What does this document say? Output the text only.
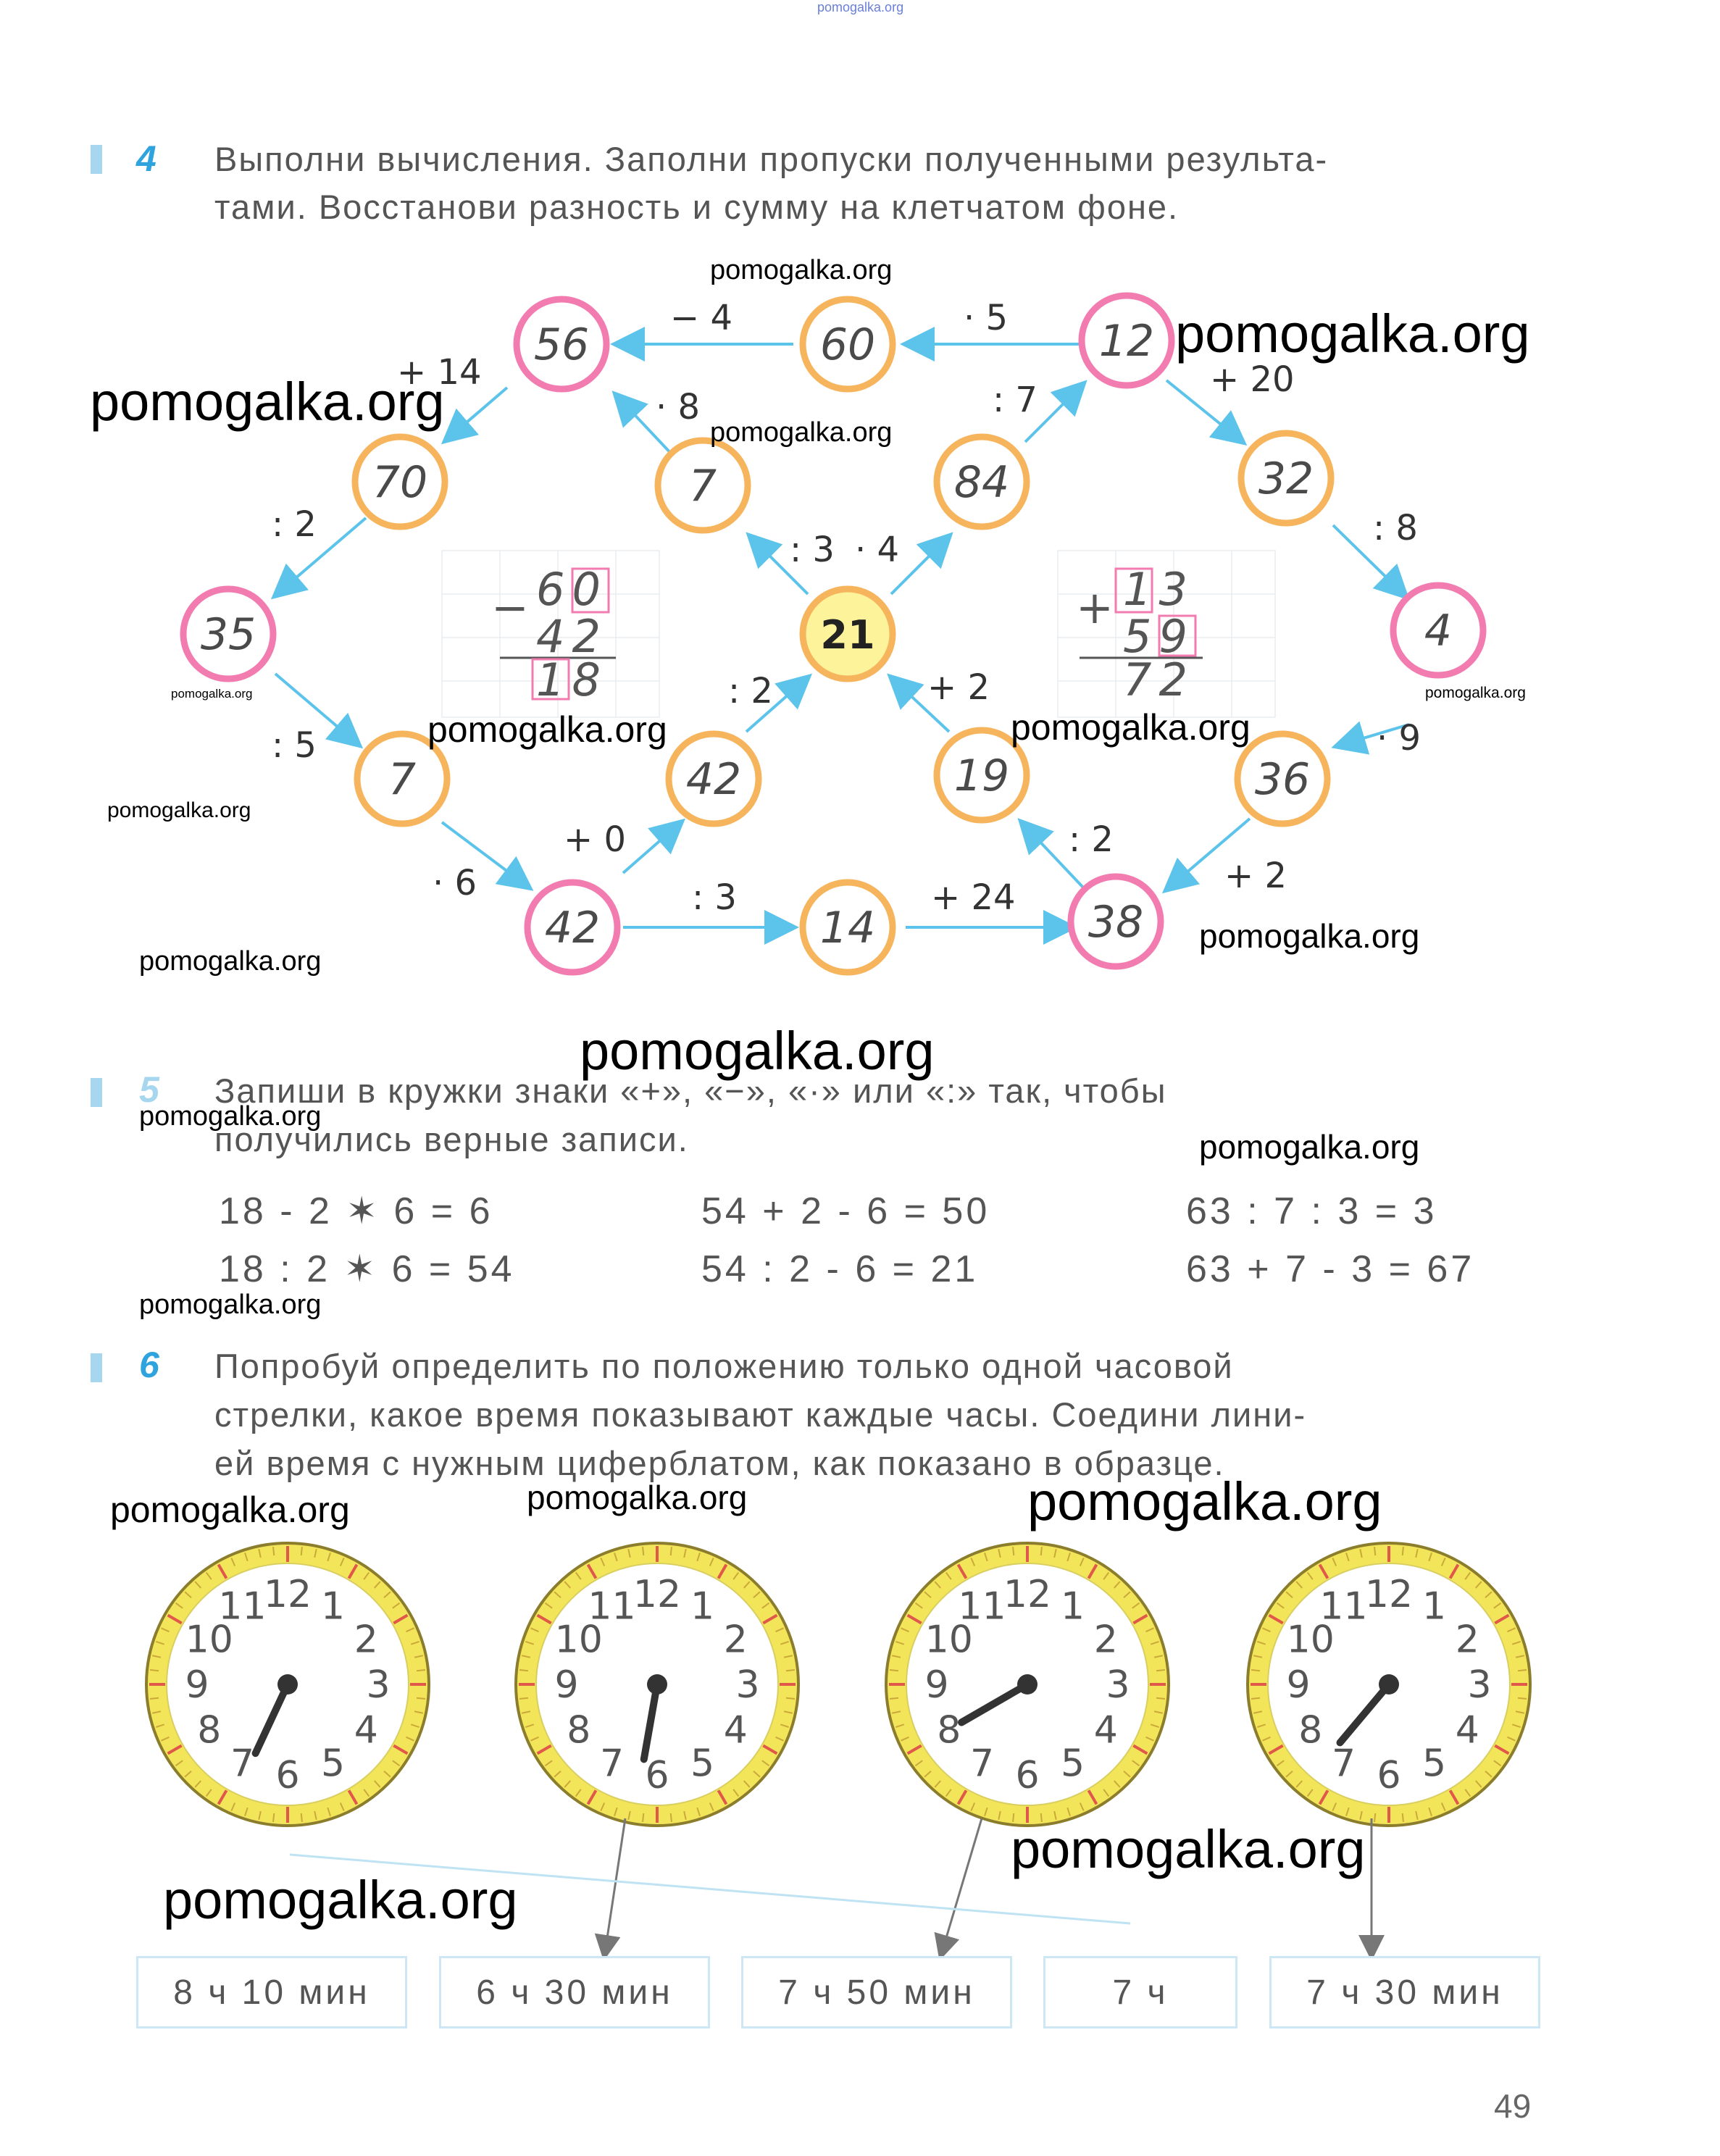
pomogalka.org
4 Выполни вычисления. Заполни пропуски полученными результа-
тами. Восстанови разность и сумму на клетчатом фоне.
56	60	12
70	7	84	32
35	4
7	42	19	36
42	14	38
21
− 4	· 5
+ 14
· 8	: 7	+ 20
: 2
: 3 · 4
: 8
: 2	+ 2
: 5	· 9
+ 0
· 6	: 3	+ 24
: 2
+ 2
− 60
42
18
+ 13
59
72
5 Запиши в кружки знаки «+», «−», «·» или «:» так, чтобы
получились верные записи.
18 - 2 ✶ 6 = 6	54 + 2 - 6 = 50	63 : 7 : 3 = 3
18 : 2 ✶ 6 = 54	54 : 2 - 6 = 21	63 + 7 - 3 = 67
6 Попробуй определить по положению только одной часовой
стрелки, какое время показывают каждые часы. Соедини лини-
ей время с нужным циферблатом, как показано в образце.
12 1
2
3
4
5
6
7
8
9
10
11	12 1
2
3
4
5
6
7
8
9
10
11	12 1
2
3
4
5
6
7
8
9
10
11	12 1
2
3
4
5
6
7
8
9
10
11
8 ч 10 мин	6 ч 30 мин	7 ч 50 мин	7 ч	7 ч 30 мин
49
pomogalka.org
pomogalka.org
pomogalka.org
pomogalka.org
pomogalka.org	pomogalka.org
pomogalka.org	pomogalka.org
pomogalka.org
pomogalka.org
pomogalka.org
pomogalka.org
pomogalka.org
pomogalka.org
pomogalka.org
pomogalka.org	pomogalka.org	pomogalka.org
pomogalka.org
pomogalka.org
